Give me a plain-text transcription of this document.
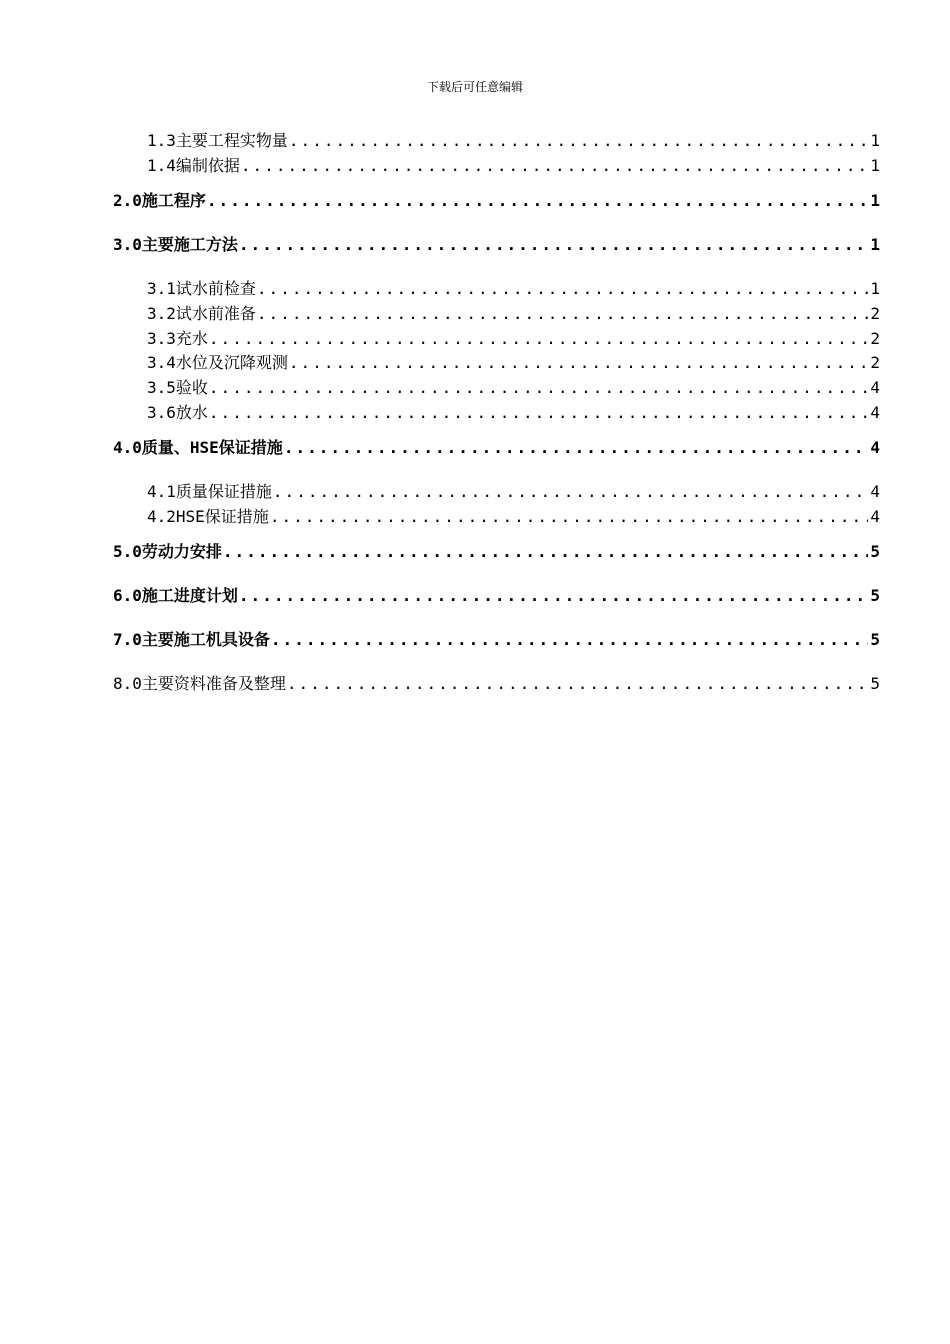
下载后可任意编辑
1.3 主要工程实物量 .....	1
1.4 编制依据 .....	1
2.0 施工程序 .....	1
3.0 主要施工方法 .....	1
3.1 试水前检查 .....	1
3.2 试水前准备 .....	2
3.3 充水 .....	2
3.4 水位及沉降观测 .....	2
3.5 验收 .....	4
3.6 放水 .....	4
4.0 质量、HSE保证措施 .....	4
4.1 质量保证措施 .....	4
4.2 HSE保证措施 .....	4
5.0 劳动力安排 .....	5
6.0 施工进度计划 .....	5
7.0 主要施工机具设备 .....	5
8.0 主要资料准备及整理 .....	5
